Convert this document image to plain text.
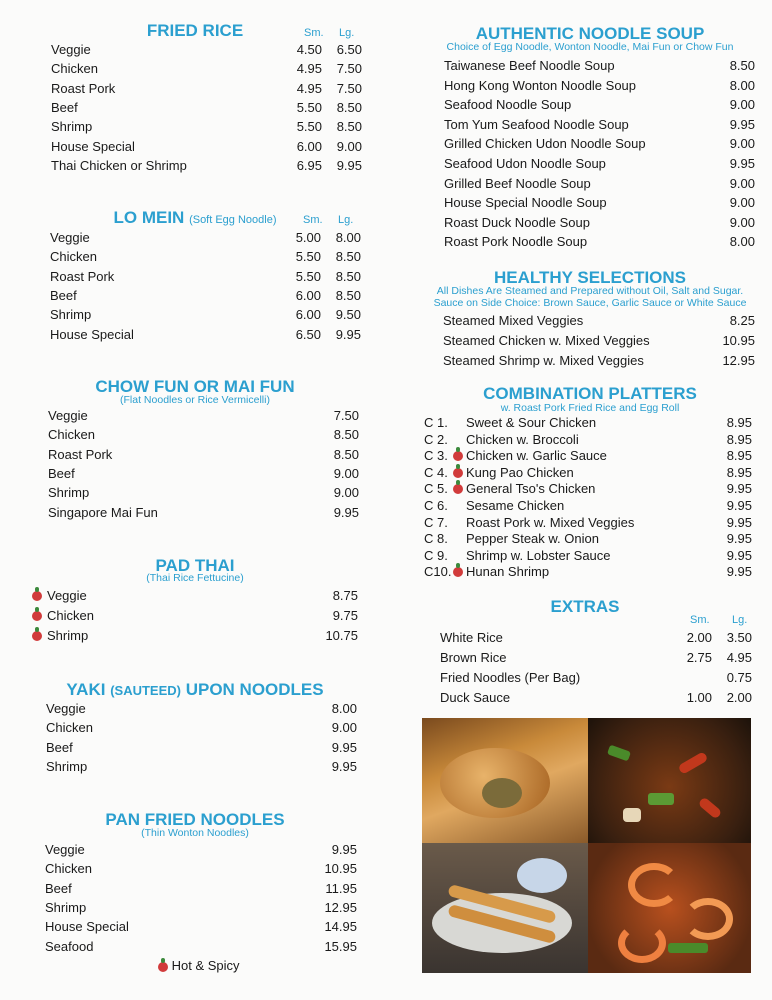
FRIED RICE	Sm. Lg.
Veggie	4.50	6.50
Chicken	4.95	7.50
Roast Pork	4.95	7.50
Beef	5.50	8.50
Shrimp	5.50	8.50
House Special	6.00	9.00
Thai Chicken or Shrimp	6.95	9.95
LO MEIN (Soft Egg Noodle)	Sm. Lg.
Veggie	5.00	8.00
Chicken	5.50	8.50
Roast Pork	5.50	8.50
Beef	6.00	8.50
Shrimp	6.00	9.50
House Special	6.50	9.95
CHOW FUN OR MAI FUN
(Flat Noodles or Rice Vermicelli)
Veggie	7.50
Chicken	8.50
Roast Pork	8.50
Beef	9.00
Shrimp	9.00
Singapore Mai Fun	9.95
PAD THAI
(Thai Rice Fettucine)
Veggie	8.75
Chicken	9.75
Shrimp	10.75
YAKI (SAUTEED) UPON NOODLES
Veggie	8.00
Chicken	9.00
Beef	9.95
Shrimp	9.95
PAN FRIED NOODLES
(Thin Wonton Noodles)
Veggie	9.95
Chicken	10.95
Beef	11.95
Shrimp	12.95
House Special	14.95
Seafood	15.95
Hot & Spicy
AUTHENTIC NOODLE SOUP
Choice of Egg Noodle, Wonton Noodle, Mai Fun or Chow Fun
Taiwanese Beef Noodle Soup	8.50
Hong Kong Wonton Noodle Soup	8.00
Seafood Noodle Soup	9.00
Tom Yum Seafood Noodle Soup	9.95
Grilled Chicken Udon Noodle Soup	9.00
Seafood Udon Noodle Soup	9.95
Grilled Beef Noodle Soup	9.00
House Special Noodle Soup	9.00
Roast Duck Noodle Soup	9.00
Roast Pork Noodle Soup	8.00
HEALTHY SELECTIONS
All Dishes Are Steamed and Prepared without Oil, Salt and Sugar.
Sauce on Side Choice: Brown Sauce, Garlic Sauce or White Sauce
Steamed Mixed Veggies	8.25
Steamed Chicken w. Mixed Veggies	10.95
Steamed Shrimp w. Mixed Veggies	12.95
COMBINATION PLATTERS
w. Roast Pork Fried Rice and Egg Roll
C 1. Sweet & Sour Chicken	8.95
C 2. Chicken w. Broccoli	8.95
C 3. Chicken w. Garlic Sauce	8.95
C 4. Kung Pao Chicken	8.95
C 5. General Tso's Chicken	9.95
C 6. Sesame Chicken	9.95
C 7. Roast Pork w. Mixed Veggies	9.95
C 8. Pepper Steak w. Onion	9.95
C 9. Shrimp w. Lobster Sauce	9.95
C10. Hunan Shrimp	9.95
EXTRAS
Sm. Lg.
White Rice	2.00	3.50
Brown Rice	2.75	4.95
Fried Noodles (Per Bag)	0.75
Duck Sauce	1.00	2.00
